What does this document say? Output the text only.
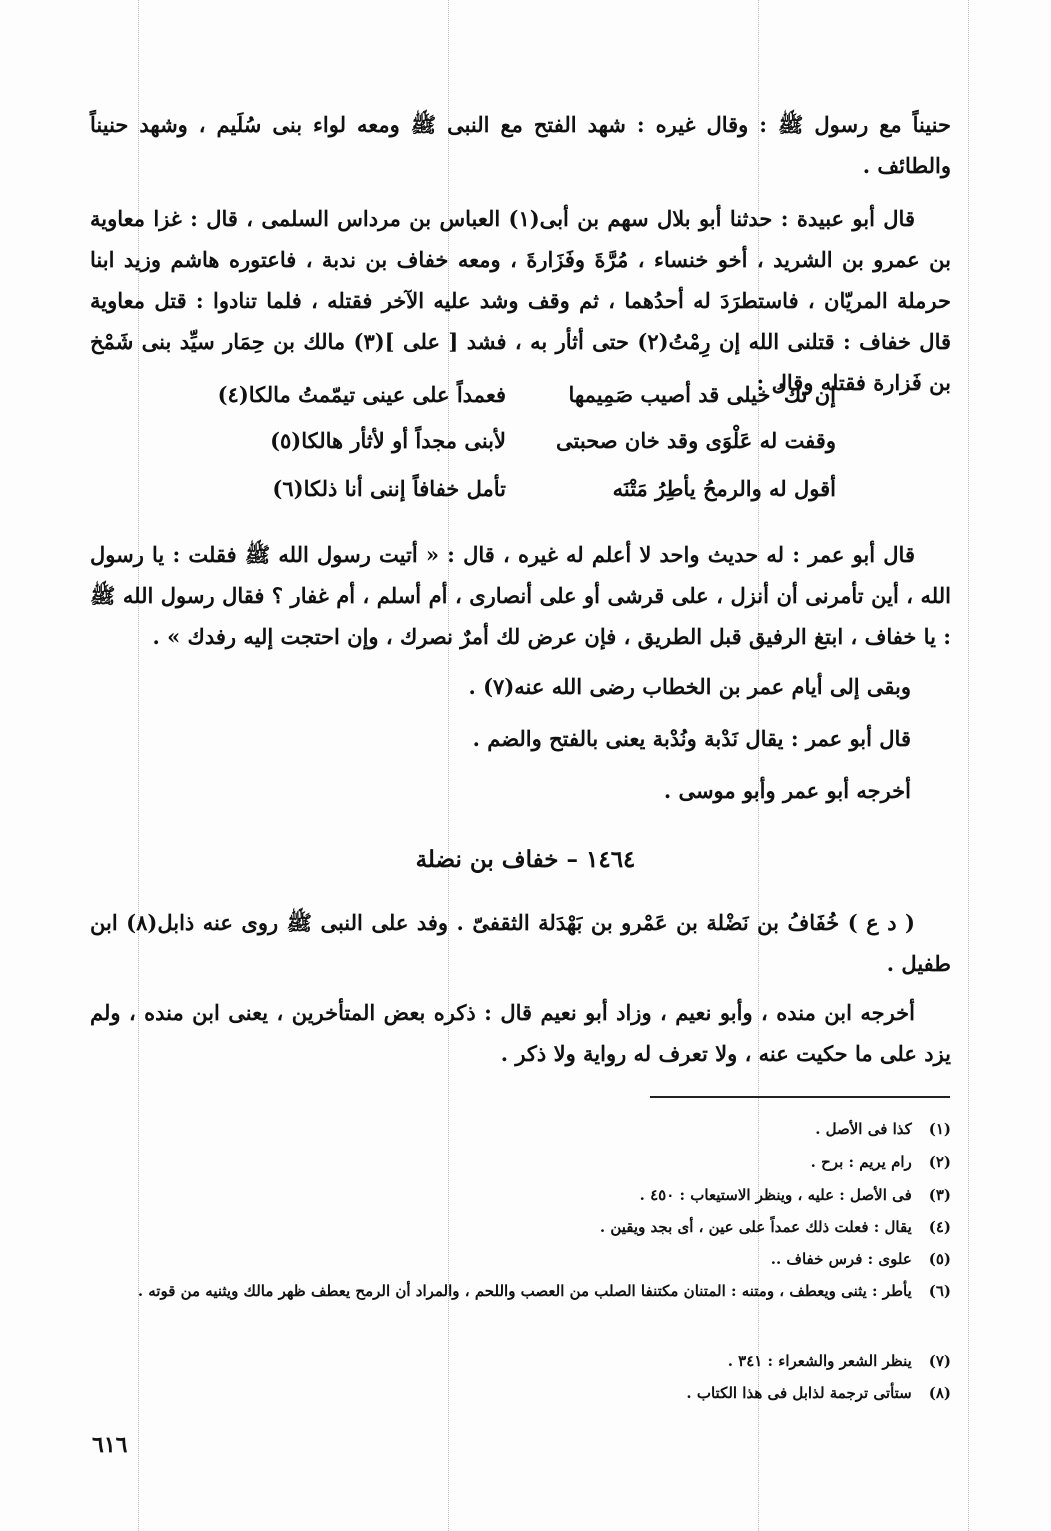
حنيناً مع رسول ﷺ : وقال غيره : شهد الفتح مع النبى ﷺ ومعه لواء بنى سُلَيم ، وشهد حنيناً والطائف .
قال أبو عبيدة : حدثنا أبو بلال سهم بن أبى(١) العباس بن مرداس السلمى ، قال : غزا معاوية بن عمرو بن الشريد ، أخو خنساء ، مُرَّةَ وفَزَارةَ ، ومعه خفاف بن ندبة ، فاعتوره هاشم وزيد ابنا حرملة المريّان ، فاستطرَدَ له أحدُهما ، ثم وقف وشد عليه الآخر فقتله ، فلما تنادوا : قتل معاوية قال خفاف : قتلنى الله إن رِمْتُ(٢) حتى أثأر به ، فشد [ على ](٣) مالك بن حِمَار سيِّد بنى شَمْخ بن فَزارة فقتله وقال :
إن تك ُ خيلى قد أصيب صَمِيمها
فعمداً على عينى تيمّمتُ مالكا(٤)
وقفت له عَلْوَى وقد خان صحبتى
لأبنى مجداً أو لأثأر هالكا(٥)
أقول له والرمحُ يأطِرُ مَتْنَه
تأمل خفافاً إننى أنا ذلكا(٦)
قال أبو عمر : له حديث واحد لا أعلم له غيره ، قال : « أتيت رسول الله ﷺ فقلت : يا رسول الله ، أين تأمرنى أن أنزل ، على قرشى أو على أنصارى ، أم أسلم ، أم غفار ؟ فقال رسول الله ﷺ : يا خفاف ، ابتغ الرفيق قبل الطريق ، فإن عرض لك أمرٌ نصرك ، وإن احتجت إليه رفدك » .
وبقى إلى أيام عمر بن الخطاب رضى الله عنه(٧) .
قال أبو عمر : يقال نَدْبة ونُدْبة يعنى بالفتح والضم .
أخرجه أبو عمر وأبو موسى .
١٤٦٤ – خفاف بن نضلة
( د ع ) خُفَافُ بن نَضْلة بن عَمْرو بن بَهْدَلة الثقفىّ . وفد على النبى ﷺ روى عنه ذابل(٨) ابن طفيل .
أخرجه ابن منده ، وأبو نعيم ، وزاد أبو نعيم قال : ذكره بعض المتأخرين ، يعنى ابن منده ، ولم يزد على ما حكيت عنه ، ولا تعرف له رواية ولا ذكر .
(١) كذا فى الأصل .
(٢) رام يريم : برح .
(٣) فى الأصل : عليه ، وينظر الاستيعاب : ٤٥٠ .
(٤) يقال : فعلت ذلك عمداً على عين ، أى بجد ويقين .
(٥) علوى : فرس خفاف ..
(٦) يأطر : يثنى ويعطف ، ومتنه : المتنان مكتنفا الصلب من العصب واللحم ، والمراد أن الرمح يعطف ظهر مالك ويثنيه من قوته .
(٧) ينظر الشعر والشعراء : ٣٤١ .
(٨) ستأتى ترجمة لذابل فى هذا الكتاب .
٦١٦
